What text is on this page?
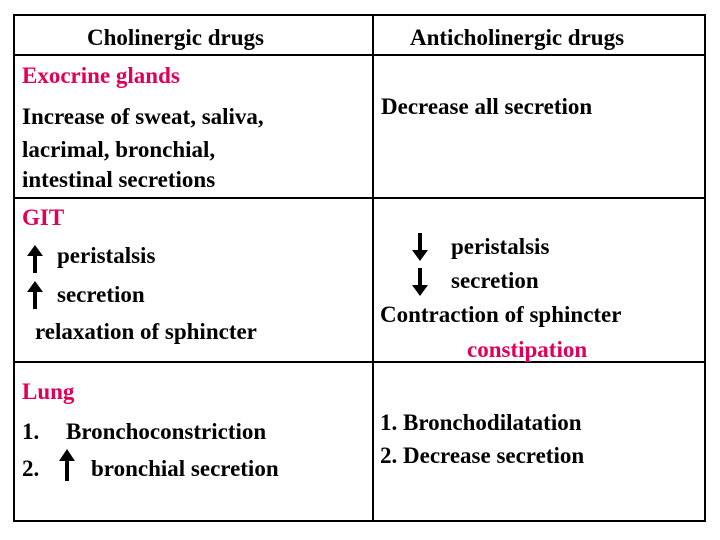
Cholinergic drugs	Anticholinergic drugs
Exocrine glands
Increase of sweat, saliva,
lacrimal, bronchial,
intestinal secretions
Decrease all secretion
GIT
peristalsis
secretion
relaxation of sphincter
peristalsis
secretion
Contraction of sphincter
constipation
Lung
1. Bronchoconstriction
2. bronchial secretion
1. Bronchodilatation
2. Decrease secretion
